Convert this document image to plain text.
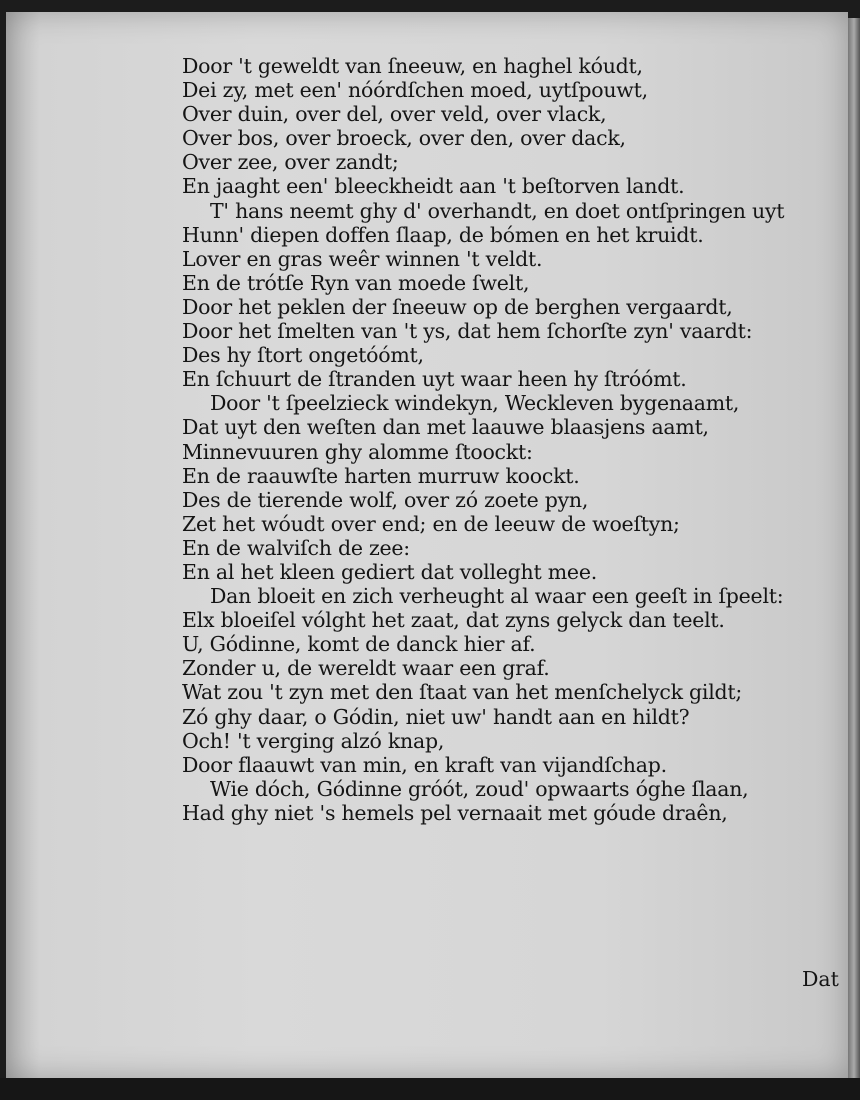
Door 't geweldt van ſneeuw, en haghel kóudt,
Dei zy, met een' nóórdſchen moed, uytſpouwt,
Over duin, over del, over veld, over vlack,
Over bos, over broeck, over den, over dack,
Over zee, over zandt;
En jaaght een' bleeckheidt aan 't beſtorven landt.
T' hans neemt ghy d' overhandt, en doet ontſpringen uyt
Hunn' diepen doffen ſlaap, de bómen en het kruidt.
Lover en gras weêr winnen 't veldt.
En de trótſe Ryn van moede ſwelt,
Door het peklen der ſneeuw op de berghen vergaardt,
Door het ſmelten van 't ys, dat hem ſchorſte zyn' vaardt:
Des hy ſtort ongetóómt,
En ſchuurt de ſtranden uyt waar heen hy ſtróómt.
Door 't ſpeelzieck windekyn, Weckleven bygenaamt,
Dat uyt den weſten dan met laauwe blaasjens aamt,
Minnevuuren ghy alomme ſtoockt:
En de raauwſte harten murruw koockt.
Des de tierende wolf, over zó zoete pyn,
Zet het wóudt over end; en de leeuw de woeſtyn;
En de walviſch de zee:
En al het kleen gediert dat volleght mee.
Dan bloeit en zich verheught al waar een geeſt in ſpeelt:
Elx bloeiſel vólght het zaat, dat zyns gelyck dan teelt.
U, Gódinne, komt de danck hier af.
Zonder u, de wereldt waar een graf.
Wat zou 't zyn met den ſtaat van het menſchelyck gildt;
Zó ghy daar, o Gódin, niet uw' handt aan en hildt?
Och! 't verging alzó knap,
Door flaauwt van min, en kraft van vijandſchap.
Wie dóch, Gódinne gróót, zoud' opwaarts óghe ſlaan,
Had ghy niet 's hemels pel vernaait met góude draên,
Dat
